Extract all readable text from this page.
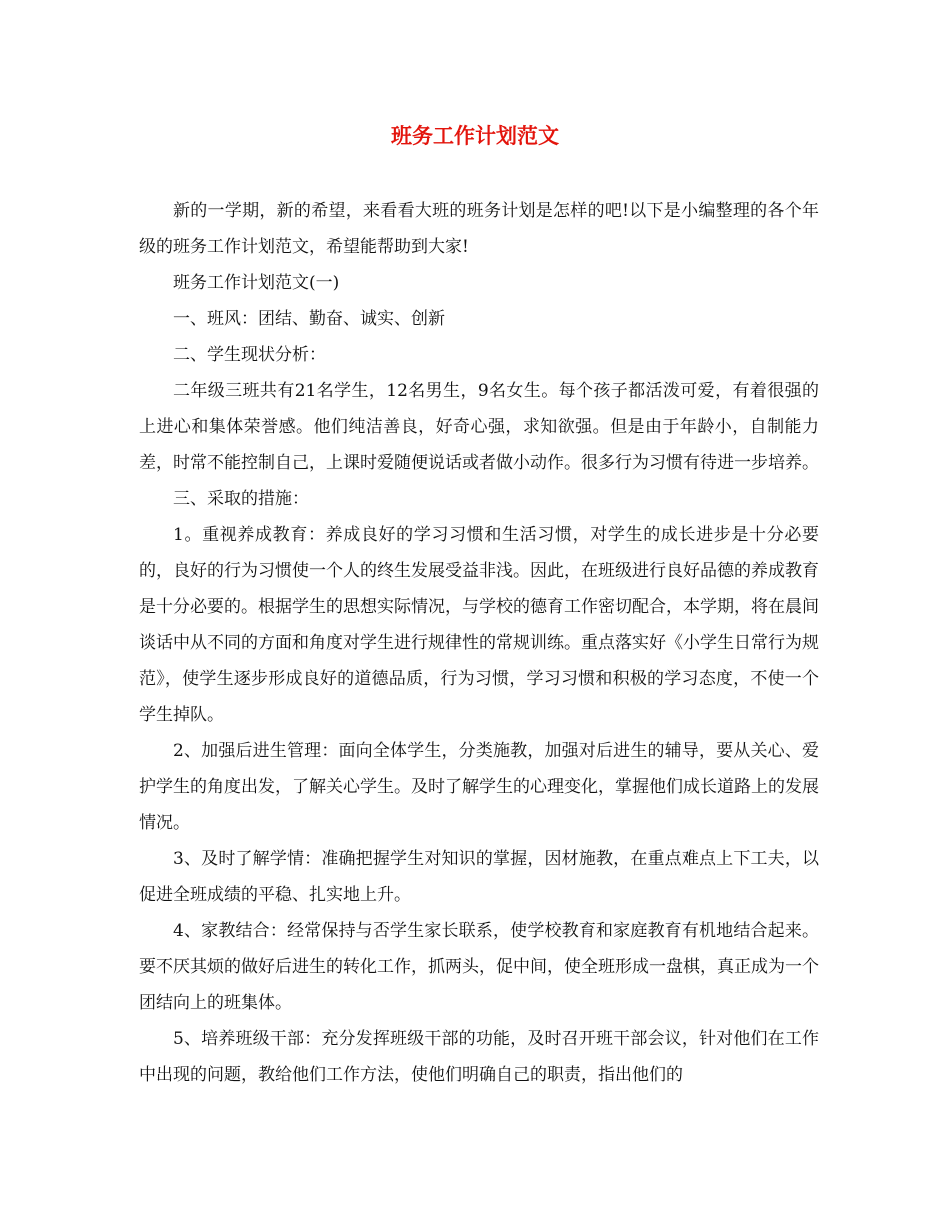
班务工作计划范文

新的一学期，新的希望，来看看大班的班务计划是怎样的吧!以下是小编整理的各个年级的班务工作计划范文，希望能帮助到大家!

班务工作计划范文(一)

一、班风：团结、勤奋、诚实、创新

二、学生现状分析：

二年级三班共有21名学生，12名男生，9名女生。每个孩子都活泼可爱，有着很强的上进心和集体荣誉感。他们纯洁善良，好奇心强，求知欲强。但是由于年龄小，自制能力差，时常不能控制自己，上课时爱随便说话或者做小动作。很多行为习惯有待进一步培养。

三、采取的措施：

1。重视养成教育：养成良好的学习习惯和生活习惯，对学生的成长进步是十分必要的，良好的行为习惯使一个人的终生发展受益非浅。因此，在班级进行良好品德的养成教育是十分必要的。根据学生的思想实际情况，与学校的德育工作密切配合，本学期，将在晨间谈话中从不同的方面和角度对学生进行规律性的常规训练。重点落实好《小学生日常行为规范》，使学生逐步形成良好的道德品质，行为习惯，学习习惯和积极的学习态度，不使一个学生掉队。

2、加强后进生管理：面向全体学生，分类施教，加强对后进生的辅导，要从关心、爱护学生的角度出发，了解关心学生。及时了解学生的心理变化，掌握他们成长道路上的发展情况。

3、及时了解学情：准确把握学生对知识的掌握，因材施教，在重点难点上下工夫，以促进全班成绩的平稳、扎实地上升。

4、家教结合：经常保持与否学生家长联系，使学校教育和家庭教育有机地结合起来。要不厌其烦的做好后进生的转化工作，抓两头，促中间，使全班形成一盘棋，真正成为一个团结向上的班集体。

5、培养班级干部：充分发挥班级干部的功能，及时召开班干部会议，针对他们在工作中出现的问题，教给他们工作方法，使他们明确自己的职责，指出他们的
